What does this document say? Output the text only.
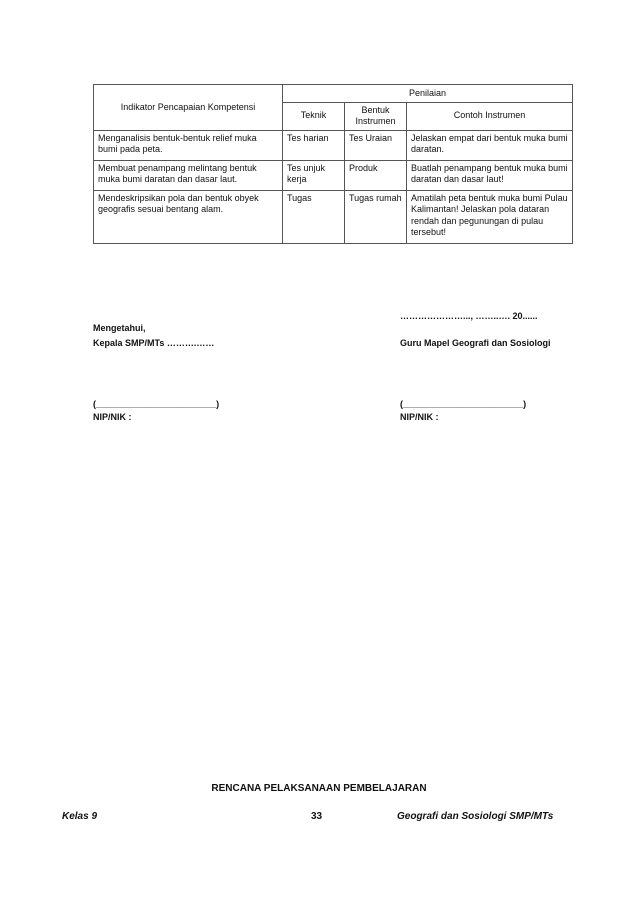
Indikator Pencapaian Kompetensi	Penilaian		
	Teknik	Bentuk Instrumen	Contoh Instrumen
Menganalisis bentuk-bentuk relief muka bumi pada peta.	Tes harian	Tes Uraian	Jelaskan empat dari bentuk muka bumi daratan.
Membuat penampang melintang bentuk muka bumi daratan dan dasar laut.	Tes unjuk kerja	Produk	Buatlah penampang bentuk muka bumi daratan dan dasar laut!
Mendeskripsikan pola dan bentuk obyek geografis sesuai bentang alam.	Tugas	Tugas rumah	Amatilah peta bentuk muka bumi Pulau Kalimantan! Jelaskan pola dataran rendah dan pegunungan di pulau tersebut!
…………………..., ……..…. 20......
Mengetahui,
Kepala SMP/MTs ……….……	Guru Mapel Geografi dan Sosiologi
(________________________)	(________________________)
NIP/NIK :	NIP/NIK :
RENCANA PELAKSANAAN PEMBELAJARAN
Kelas 9	33	Geografi dan Sosiologi SMP/MTs
